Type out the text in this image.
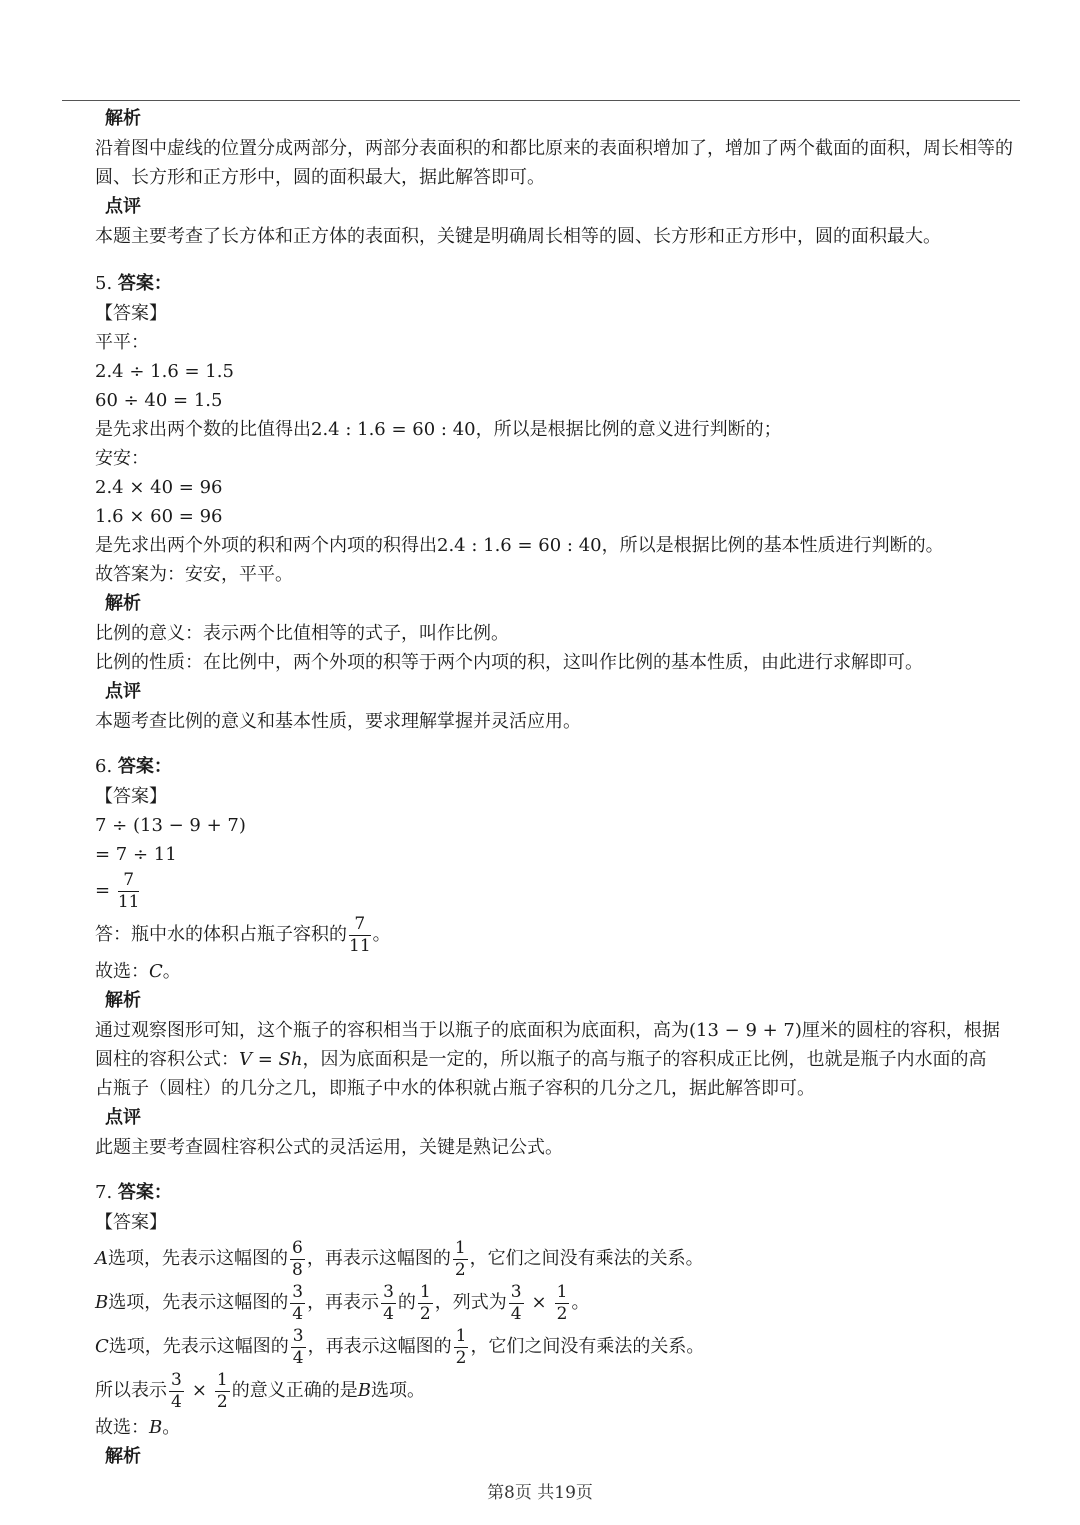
解析
沿着图中虚线的位置分成两部分，两部分表面积的和都比原来的表面积增加了，增加了两个截面的面积，周长相等的圆、长方形和正方形中，圆的面积最大，据此解答即可。
点评
本题主要考查了长方体和正方体的表面积，关键是明确周长相等的圆、长方形和正方形中，圆的面积最大。
5. 答案：
【答案】
平平：
2.4 ÷ 1.6 = 1.5
60 ÷ 40 = 1.5
是先求出两个数的比值得出2.4 : 1.6 = 60 : 40，所以是根据比例的意义进行判断的；
安安：
2.4 × 40 = 96
1.6 × 60 = 96
是先求出两个外项的积和两个内项的积得出2.4 : 1.6 = 60 : 40，所以是根据比例的基本性质进行判断的。
故答案为：安安，平平。
解析
比例的意义：表示两个比值相等的式子，叫作比例。
比例的性质：在比例中，两个外项的积等于两个内项的积，这叫作比例的基本性质，由此进行求解即可。
点评
本题考查比例的意义和基本性质，要求理解掌握并灵活应用。
6. 答案：
【答案】
7 ÷ (13 − 9 + 7)
= 7 ÷ 11
= $\frac{7}{11}$
答：瓶中水的体积占瓶子容积的 $\frac{7}{11}$ 。
故选：C。
解析
通过观察图形可知，这个瓶子的容积相当于以瓶子的底面积为底面积，高为(13 − 9 + 7)厘米的圆柱的容积，根据
圆柱的容积公式：V = Sh，因为底面积是一定的，所以瓶子的高与瓶子的容积成正比例，也就是瓶子内水面的高
占瓶子（圆柱）的几分之几，即瓶子中水的体积就占瓶子容积的几分之几，据此解答即可。
点评
此题主要考查圆柱容积公式的灵活运用，关键是熟记公式。
7. 答案：
【答案】
A选项，先表示这幅图的 $\frac{6}{8}$ ，再表示这幅图的 $\frac{1}{2}$ ，它们之间没有乘法的关系。
B选项，先表示这幅图的 $\frac{3}{4}$ ，再表示 $\frac{3}{4}$ 的 $\frac{1}{2}$ ，列式为 $\frac{3}{4} \times \frac{1}{2}$ 。
C选项，先表示这幅图的 $\frac{3}{4}$ ，再表示这幅图的 $\frac{1}{2}$ ，它们之间没有乘法的关系。
所以表示 $\frac{3}{4} \times \frac{1}{2}$ 的意义正确的是B选项。
故选：B。
解析
第8页 共19页
